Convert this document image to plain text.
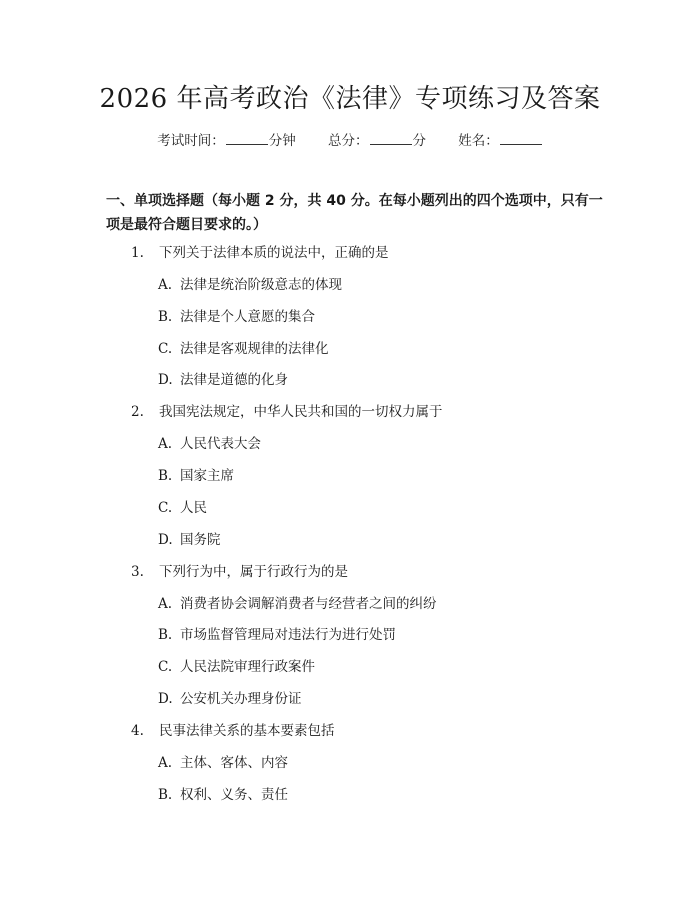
2026 年高考政治《法律》专项练习及答案
考试时间：	分钟 总分：	分 姓名：
一、单项选择题（每小题 2 分，共 40 分。在每小题列出的四个选项中，只有一项是最符合题目要求的。）
1. 下列关于法律本质的说法中，正确的是
A. 法律是统治阶级意志的体现
B. 法律是个人意愿的集合
C. 法律是客观规律的法律化
D. 法律是道德的化身
2. 我国宪法规定，中华人民共和国的一切权力属于
A. 人民代表大会
B. 国家主席
C. 人民
D. 国务院
3. 下列行为中，属于行政行为的是
A. 消费者协会调解消费者与经营者之间的纠纷
B. 市场监督管理局对违法行为进行处罚
C. 人民法院审理行政案件
D. 公安机关办理身份证
4. 民事法律关系的基本要素包括
A. 主体、客体、内容
B. 权利、义务、责任
